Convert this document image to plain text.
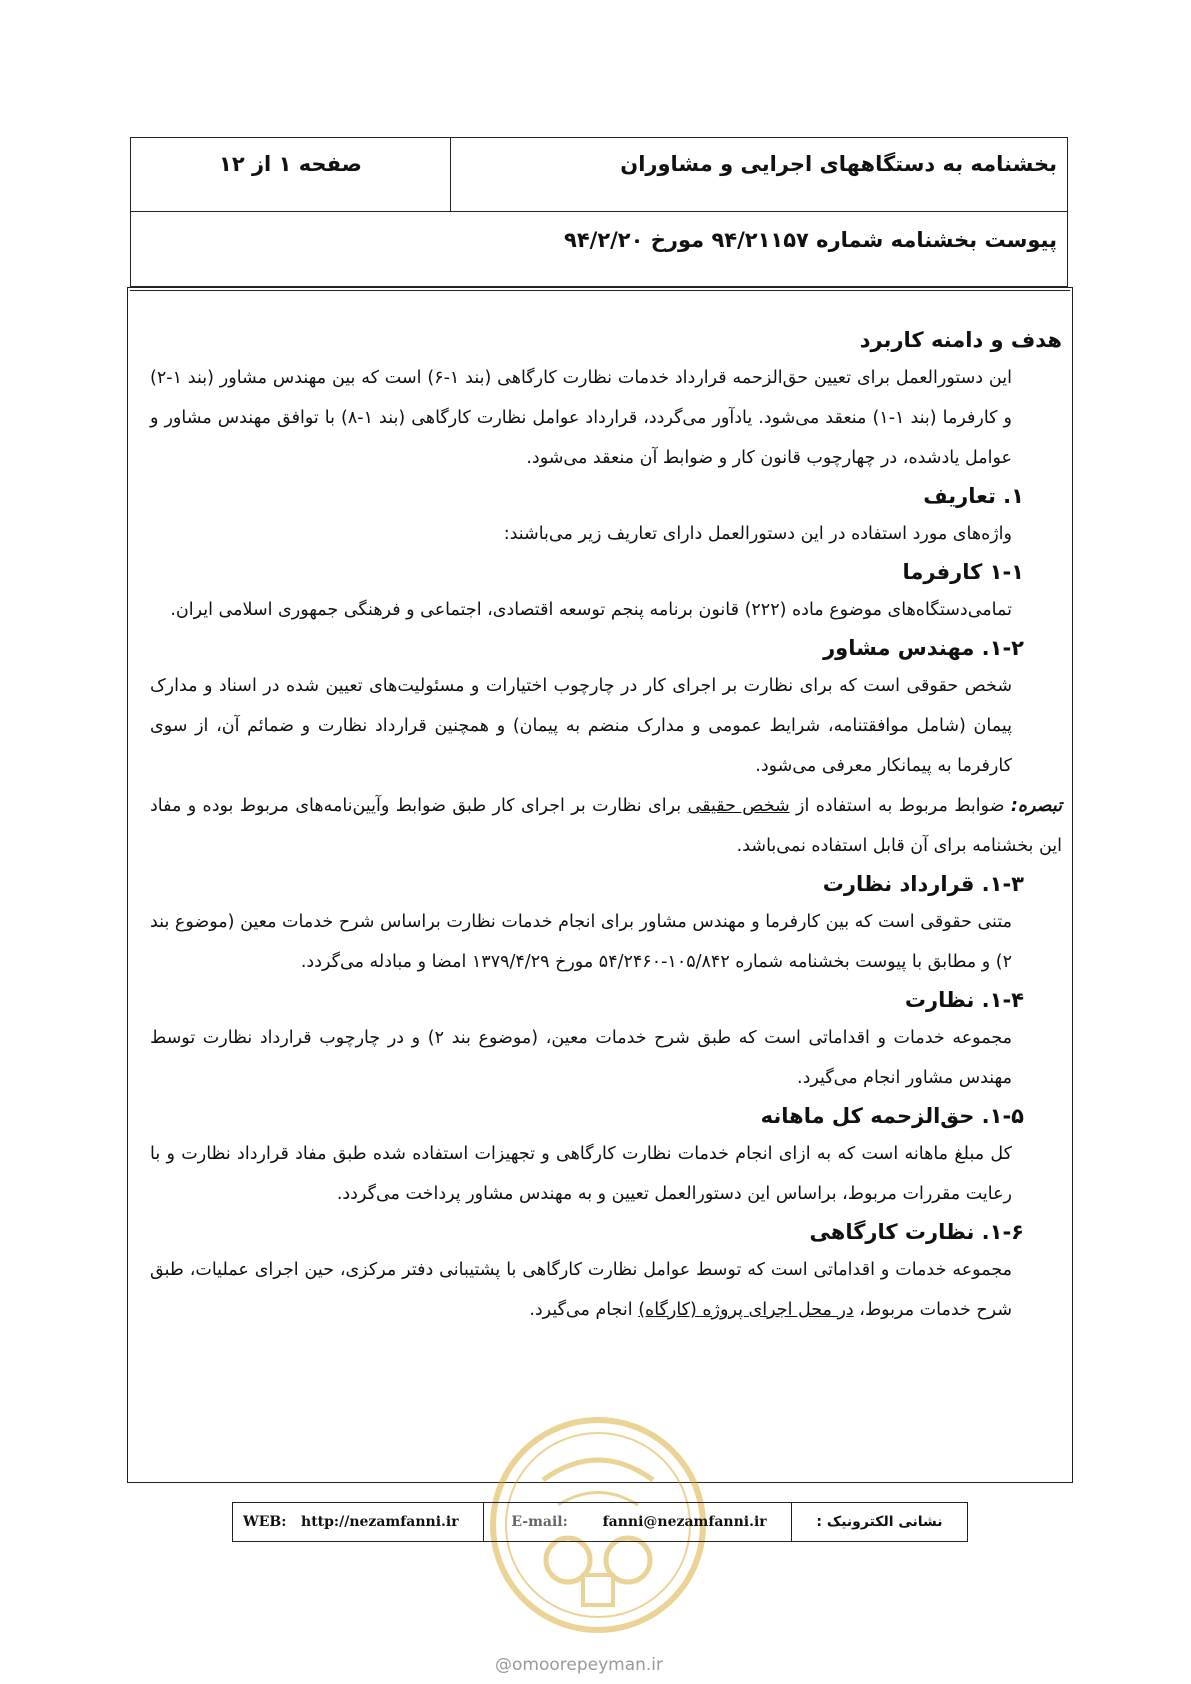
صفحه ۱ از ۱۲	بخشنامه به دستگاههای اجرایی و مشاوران
پیوست بخشنامه شماره ۹۴/۲۱۱۵۷ مورخ ۹۴/۲/۲۰

هدف و دامنه کاربرد

این دستورالعمل برای تعیین حق‌الزحمه قرارداد خدمات نظارت کارگاهی (بند ۱-۶) است که بین مهندس مشاور (بند ۱-۲) و کارفرما (بند ۱-۱) منعقد می‌شود. یادآور می‌گردد، قرارداد عوامل نظارت کارگاهی (بند ۱-۸) با توافق مهندس مشاور و عوامل یادشده، در چهارچوب قانون کار و ضوابط آن منعقد می‌شود.

۱. تعاریف

واژه‌های مورد استفاده در این دستورالعمل دارای تعاریف زیر می‌باشند:

۱-۱ کارفرما

تمامی‌دستگاه‌های موضوع ماده (۲۲۲) قانون برنامه پنجم توسعه اقتصادی، اجتماعی و فرهنگی جمهوری اسلامی ایران.

۱-۲. مهندس مشاور

شخص حقوقی است که برای نظارت بر اجرای کار در چارچوب اختیارات و مسئولیت‌های تعیین شده در اسناد و مدارک پیمان (شامل موافقتنامه، شرایط عمومی و مدارک منضم به پیمان) و همچنین قرارداد نظارت و ضمائم آن، از سوی کارفرما به پیمانکار معرفی می‌شود.

تبصره: ضوابط مربوط به استفاده از شخص حقیقی برای نظارت بر اجرای کار طبق ضوابط وآیین‌نامه‌های مربوط بوده و مفاد این بخشنامه برای آن قابل استفاده نمی‌باشد.

۱-۳. قرارداد نظارت

متنی حقوقی است که بین کارفرما و مهندس مشاور برای انجام خدمات نظارت براساس شرح خدمات معین (موضوع بند ۲) و مطابق با پیوست بخشنامه شماره ۱۰۵/۸۴۲-۵۴/۲۴۶۰ مورخ ۱۳۷۹/۴/۲۹ امضا و مبادله می‌گردد.

۱-۴. نظارت

مجموعه خدمات و اقداماتی است که طبق شرح خدمات معین، (موضوع بند ۲) و در چارچوب قرارداد نظارت توسط مهندس مشاور انجام می‌گیرد.

۱-۵. حق‌الزحمه کل ماهانه

کل مبلغ ماهانه است که به ازای انجام خدمات نظارت کارگاهی و تجهیزات استفاده شده طبق مفاد قرارداد نظارت و با رعایت مقررات مربوط، براساس این دستورالعمل تعیین و به مهندس مشاور پرداخت می‌گردد.

۱-۶. نظارت کارگاهی

مجموعه خدمات و اقداماتی است که توسط عوامل نظارت کارگاهی با پشتیبانی دفتر مرکزی، حین اجرای عملیات، طبق شرح خدمات مربوط، در محل اجرای پروژه (کارگاه) انجام می‌گیرد.

نشانی الکترونیک :
E-mail: fanni@nezamfanni.ir
WEB: http://nezamfanni.ir
@omoorepeyman.ir
